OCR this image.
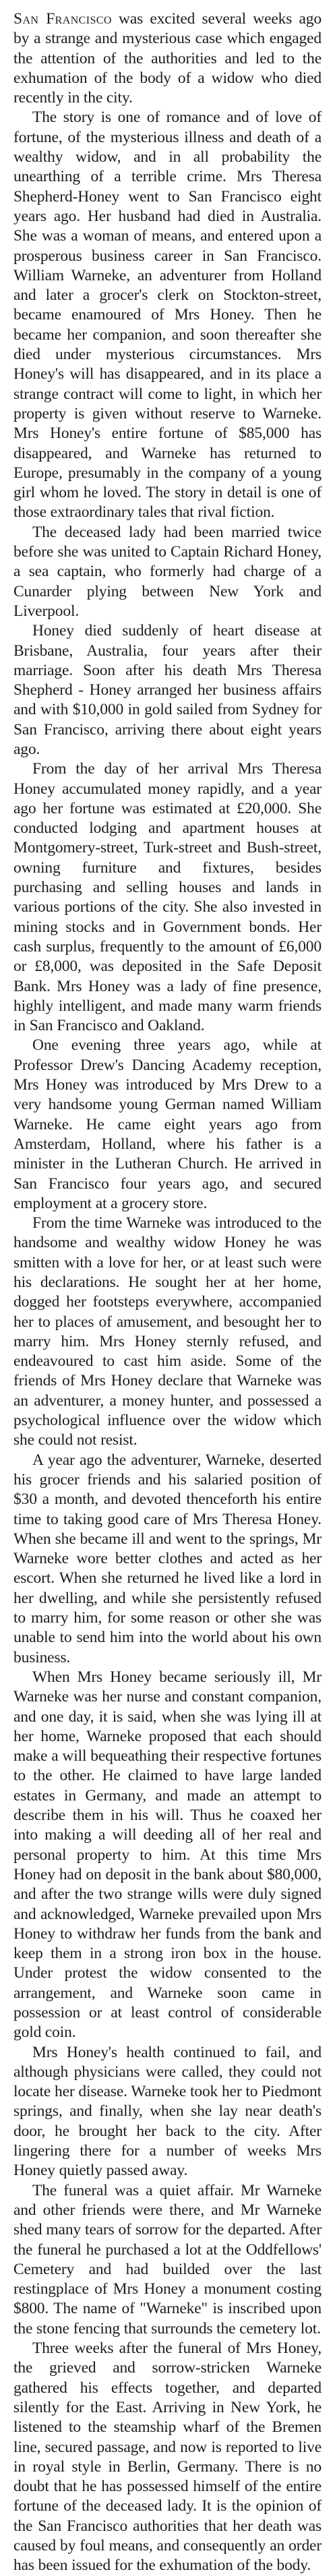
San Francisco was excited several weeks ago by a strange and mysterious case which engaged the attention of the authorities and led to the exhumation of the body of a widow who died recently in the city.

The story is one of romance and of love of fortune, of the mysterious illness and death of a wealthy widow, and in all probability the unearthing of a terrible crime. Mrs Theresa Shepherd-Honey went to San Francisco eight years ago. Her husband had died in Australia. She was a woman of means, and entered upon a prosperous business career in San Francisco. William Warneke, an adventurer from Holland and later a grocer's clerk on Stockton-street, became enamoured of Mrs Honey. Then he became her companion, and soon thereafter she died under mysterious circumstances. Mrs Honey's will has disappeared, and in its place a strange contract will come to light, in which her property is given without reserve to Warneke. Mrs Honey's entire fortune of $85,000 has disappeared, and Warneke has returned to Europe, presumably in the company of a young girl whom he loved. The story in detail is one of those extraordinary tales that rival fiction.

The deceased lady had been married twice before she was united to Captain Richard Honey, a sea captain, who formerly had charge of a Cunarder plying between New York and Liverpool.

Honey died suddenly of heart disease at Brisbane, Australia, four years after their marriage. Soon after his death Mrs Theresa Shepherd - Honey arranged her business affairs and with $10,000 in gold sailed from Sydney for San Francisco, arriving there about eight years ago.

From the day of her arrival Mrs Theresa Honey accumulated money rapidly, and a year ago her fortune was estimated at £20,000. She conducted lodging and apartment houses at Montgomery-street, Turk-street and Bush-street, owning furniture and fixtures, besides purchasing and selling houses and lands in various portions of the city. She also invested in mining stocks and in Government bonds. Her cash surplus, frequently to the amount of £6,000 or £8,000, was deposited in the Safe Deposit Bank. Mrs Honey was a lady of fine presence, highly intelligent, and made many warm friends in San Francisco and Oakland.

One evening three years ago, while at Professor Drew's Dancing Academy reception, Mrs Honey was introduced by Mrs Drew to a very handsome young German named William Warneke. He came eight years ago from Amsterdam, Holland, where his father is a minister in the Lutheran Church. He arrived in San Francisco four years ago, and secured employment at a grocery store.

From the time Warneke was introduced to the handsome and wealthy widow Honey he was smitten with a love for her, or at least such were his declarations. He sought her at her home, dogged her footsteps everywhere, accompanied her to places of amusement, and besought her to marry him. Mrs Honey sternly refused, and endeavoured to cast him aside. Some of the friends of Mrs Honey declare that Warneke was an adventurer, a money hunter, and possessed a psychological influence over the widow which she could not resist.

A year ago the adventurer, Warneke, deserted his grocer friends and his salaried position of $30 a month, and devoted thenceforth his entire time to taking good care of Mrs Theresa Honey. When she became ill and went to the springs, Mr Warneke wore better clothes and acted as her escort. When she returned he lived like a lord in her dwelling, and while she persistently refused to marry him, for some reason or other she was unable to send him into the world about his own business.

When Mrs Honey became seriously ill, Mr Warneke was her nurse and constant companion, and one day, it is said, when she was lying ill at her home, Warneke proposed that each should make a will bequeathing their respective fortunes to the other. He claimed to have large landed estates in Germany, and made an attempt to describe them in his will. Thus he coaxed her into making a will deeding all of her real and personal property to him. At this time Mrs Honey had on deposit in the bank about $80,000, and after the two strange wills were duly signed and acknowledged, Warneke prevailed upon Mrs Honey to withdraw her funds from the bank and keep them in a strong iron box in the house. Under protest the widow consented to the arrangement, and Warneke soon came in possession or at least control of considerable gold coin.

Mrs Honey's health continued to fail, and although physicians were called, they could not locate her disease. Warneke took her to Piedmont springs, and finally, when she lay near death's door, he brought her back to the city. After lingering there for a number of weeks Mrs Honey quietly passed away.

The funeral was a quiet affair. Mr Warneke and other friends were there, and Mr Warneke shed many tears of sorrow for the departed. After the funeral he purchased a lot at the Oddfellows' Cemetery and had builded over the last restingplace of Mrs Honey a monument costing $800. The name of "Warneke" is inscribed upon the stone fencing that surrounds the cemetery lot.

Three weeks after the funeral of Mrs Honey, the grieved and sorrow-stricken Warneke gathered his effects together, and departed silently for the East. Arriving in New York, he listened to the steamship wharf of the Bremen line, secured passage, and now is reported to live in royal style in Berlin, Germany. There is no doubt that he has possessed himself of the entire fortune of the deceased lady. It is the opinion of the San Francisco authorities that her death was caused by foul means, and consequently an order has been issued for the exhumation of the body.
